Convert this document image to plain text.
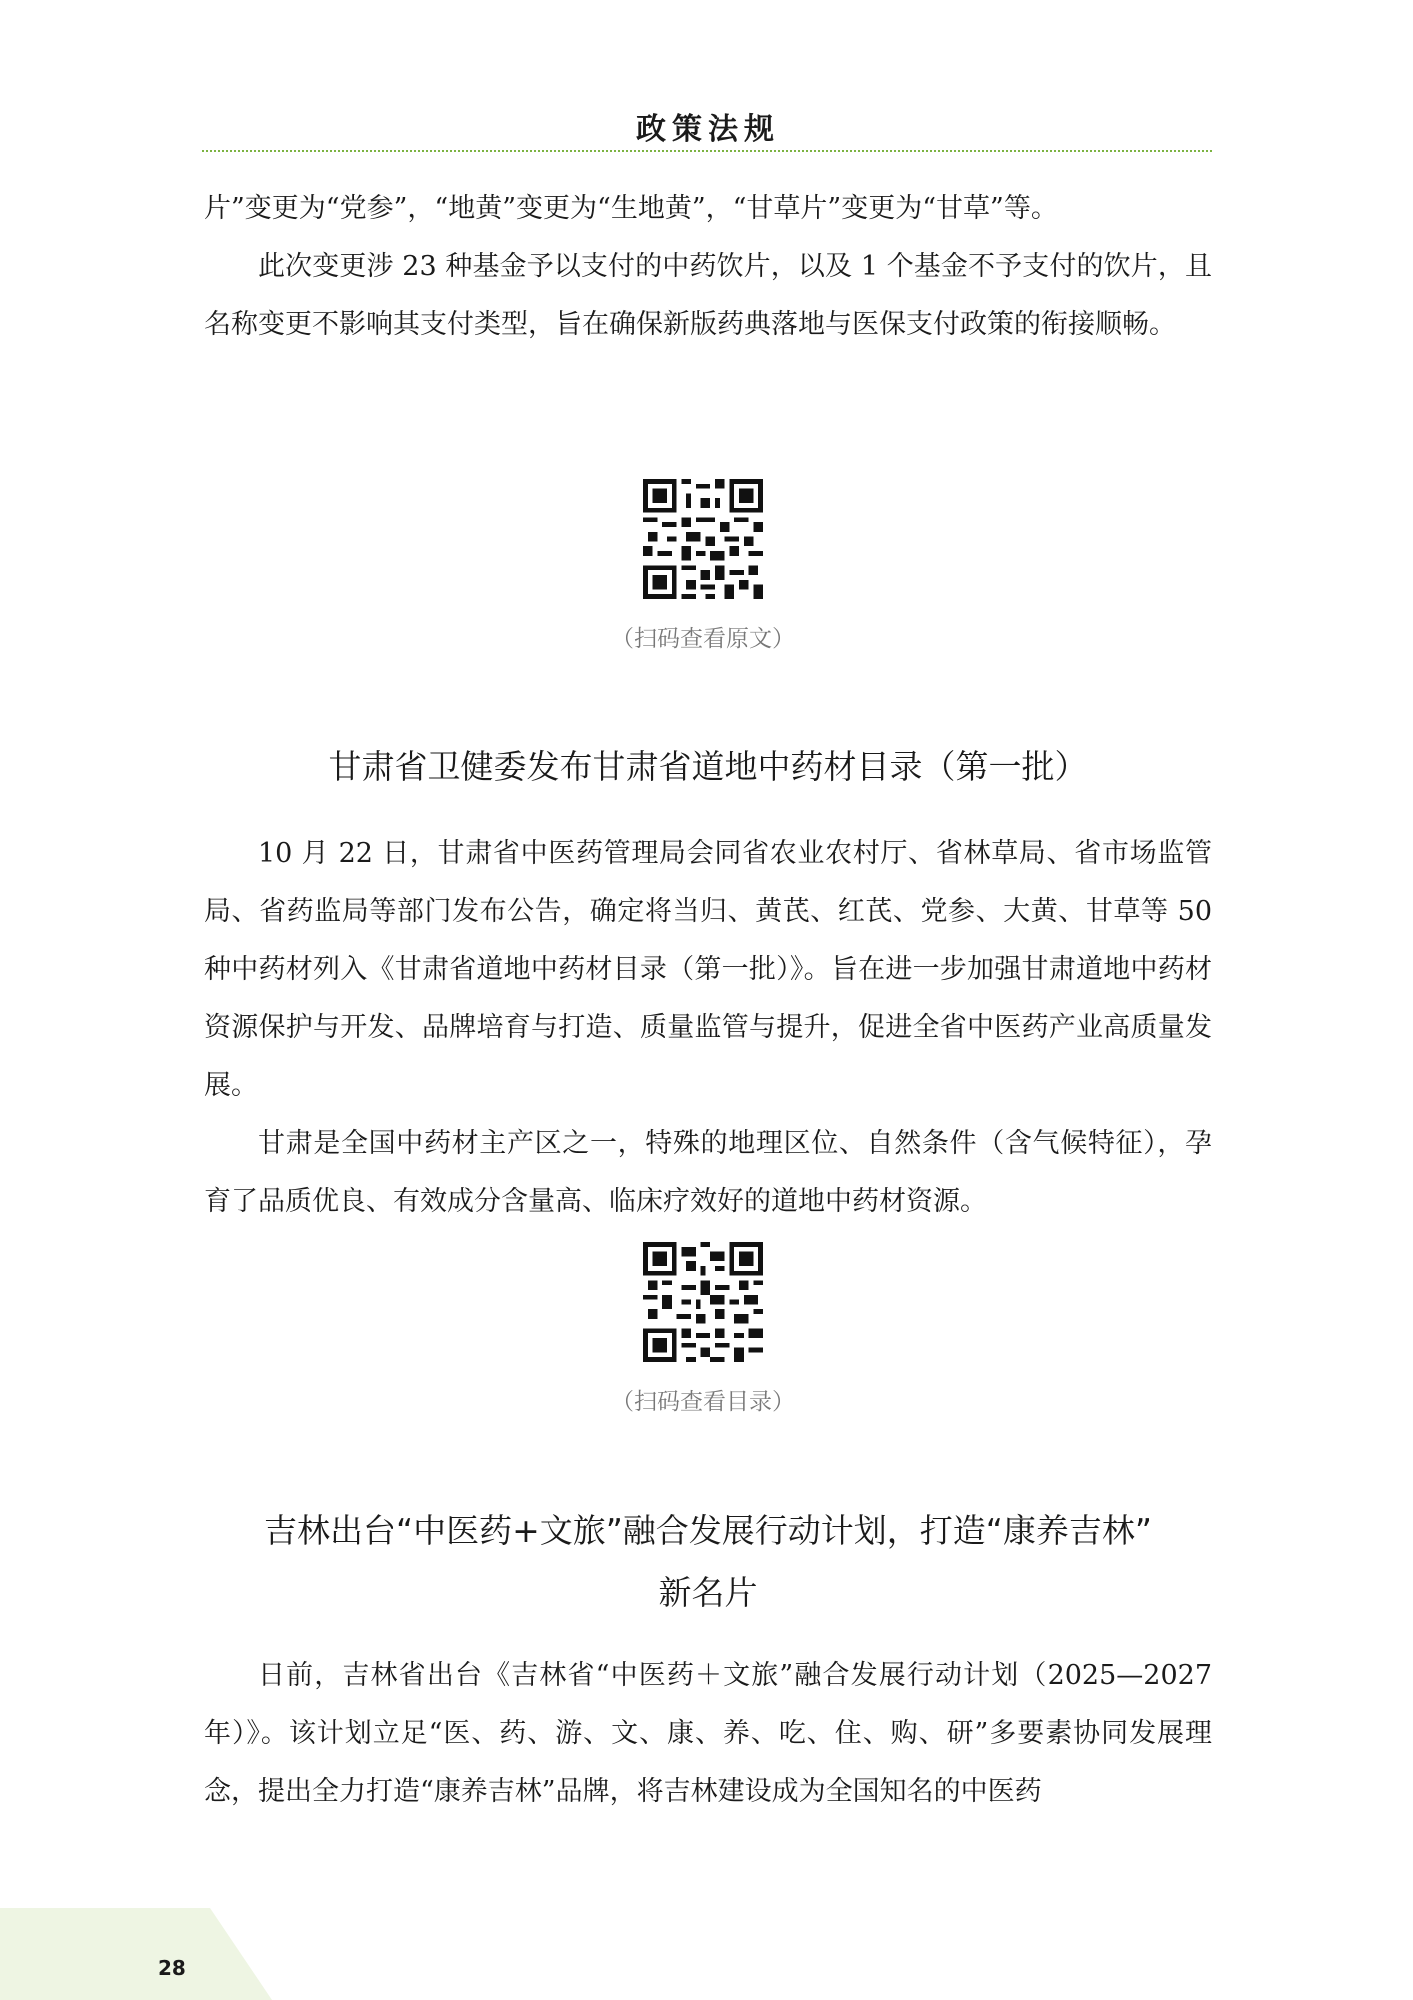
政策法规

片”变更为“党参”，“地黄”变更为“生地黄”，“甘草片”变更为“甘草”等。

此次变更涉 23 种基金予以支付的中药饮片，以及 1 个基金不予支付的饮片，且名称变更不影响其支付类型，旨在确保新版药典落地与医保支付政策的衔接顺畅。

（扫码查看原文）
甘肃省卫健委发布甘肃省道地中药材目录（第一批）

10 月 22 日，甘肃省中医药管理局会同省农业农村厅、省林草局、省市场监管局、省药监局等部门发布公告，确定将当归、黄芪、红芪、党参、大黄、甘草等 50 种中药材列入《甘肃省道地中药材目录（第一批）》。旨在进一步加强甘肃道地中药材资源保护与开发、品牌培育与打造、质量监管与提升，促进全省中医药产业高质量发展。

甘肃是全国中药材主产区之一，特殊的地理区位、自然条件（含气候特征），孕育了品质优良、有效成分含量高、临床疗效好的道地中药材资源。

（扫码查看目录）
吉林出台“中医药+文旅”融合发展行动计划，打造“康养吉林”
新名片

日前，吉林省出台《吉林省“中医药＋文旅”融合发展行动计划（2025—2027 年）》。该计划立足“医、药、游、文、康、养、吃、住、购、研”多要素协同发展理念，提出全力打造“康养吉林”品牌，将吉林建设成为全国知名的中医药

28
